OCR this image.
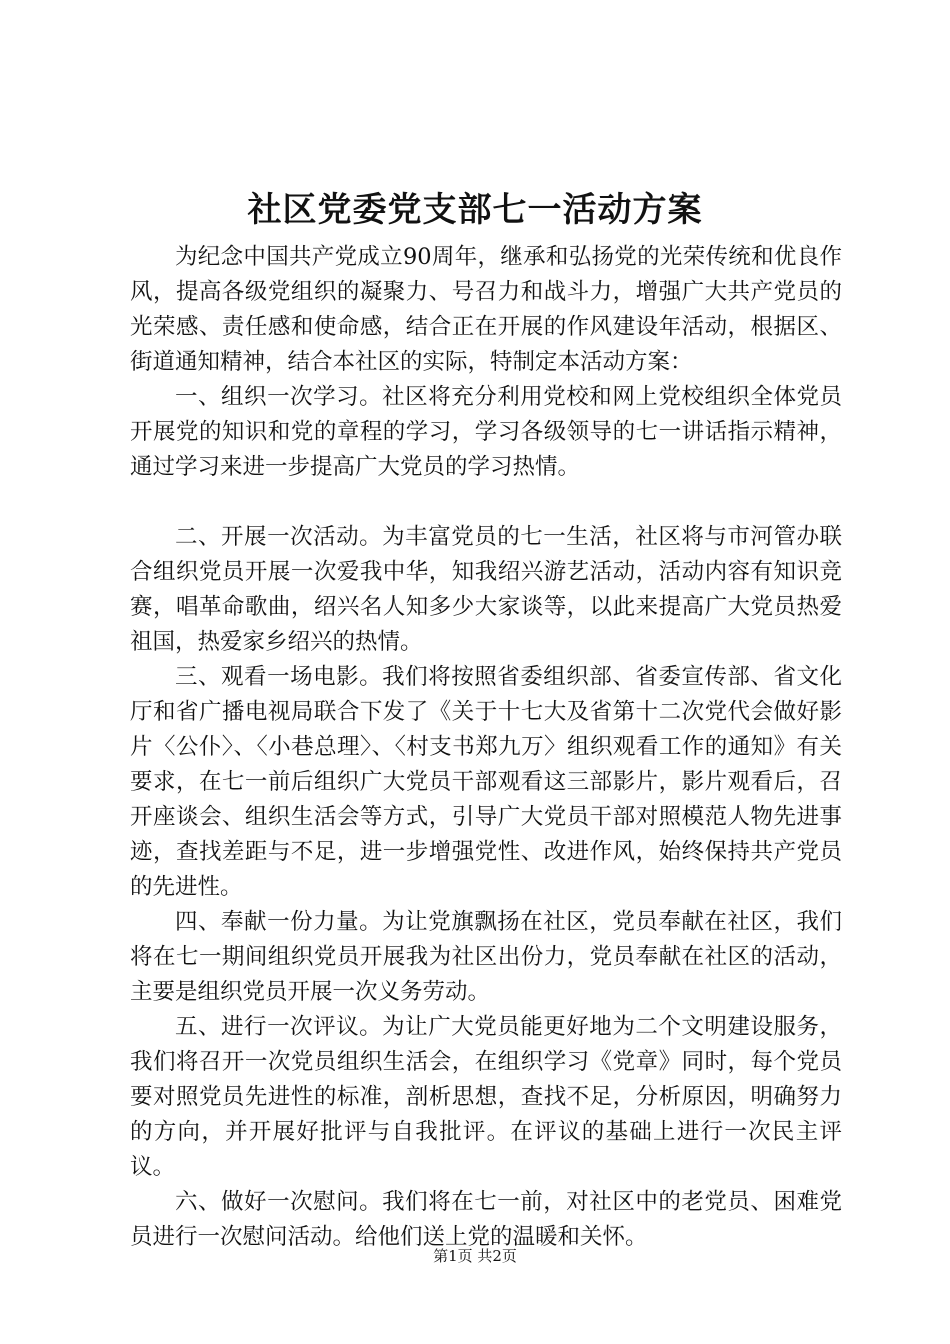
社区党委党支部七一活动方案

为纪念中国共产党成立90周年，继承和弘扬党的光荣传统和优良作风，提高各级党组织的凝聚力、号召力和战斗力，增强广大共产党员的光荣感、责任感和使命感，结合正在开展的作风建设年活动，根据区、街道通知精神，结合本社区的实际，特制定本活动方案：

一、组织一次学习。社区将充分利用党校和网上党校组织全体党员开展党的知识和党的章程的学习，学习各级领导的七一讲话指示精神，通过学习来进一步提高广大党员的学习热情。

二、开展一次活动。为丰富党员的七一生活，社区将与市河管办联合组织党员开展一次爱我中华，知我绍兴游艺活动，活动内容有知识竞赛，唱革命歌曲，绍兴名人知多少大家谈等，以此来提高广大党员热爱祖国，热爱家乡绍兴的热情。

三、观看一场电影。我们将按照省委组织部、省委宣传部、省文化厅和省广播电视局联合下发了《关于十七大及省第十二次党代会做好影片〈公仆〉、〈小巷总理〉、〈村支书郑九万〉组织观看工作的通知》有关要求，在七一前后组织广大党员干部观看这三部影片，影片观看后，召开座谈会、组织生活会等方式，引导广大党员干部对照模范人物先进事迹，查找差距与不足，进一步增强党性、改进作风，始终保持共产党员的先进性。

四、奉献一份力量。为让党旗飘扬在社区，党员奉献在社区，我们将在七一期间组织党员开展我为社区出份力，党员奉献在社区的活动，主要是组织党员开展一次义务劳动。

五、进行一次评议。为让广大党员能更好地为二个文明建设服务，我们将召开一次党员组织生活会，在组织学习《党章》同时，每个党员要对照党员先进性的标准，剖析思想，查找不足，分析原因，明确努力的方向，并开展好批评与自我批评。在评议的基础上进行一次民主评议。

六、做好一次慰问。我们将在七一前，对社区中的老党员、困难党员进行一次慰问活动。给他们送上党的温暖和关怀。

第1页 共2页
